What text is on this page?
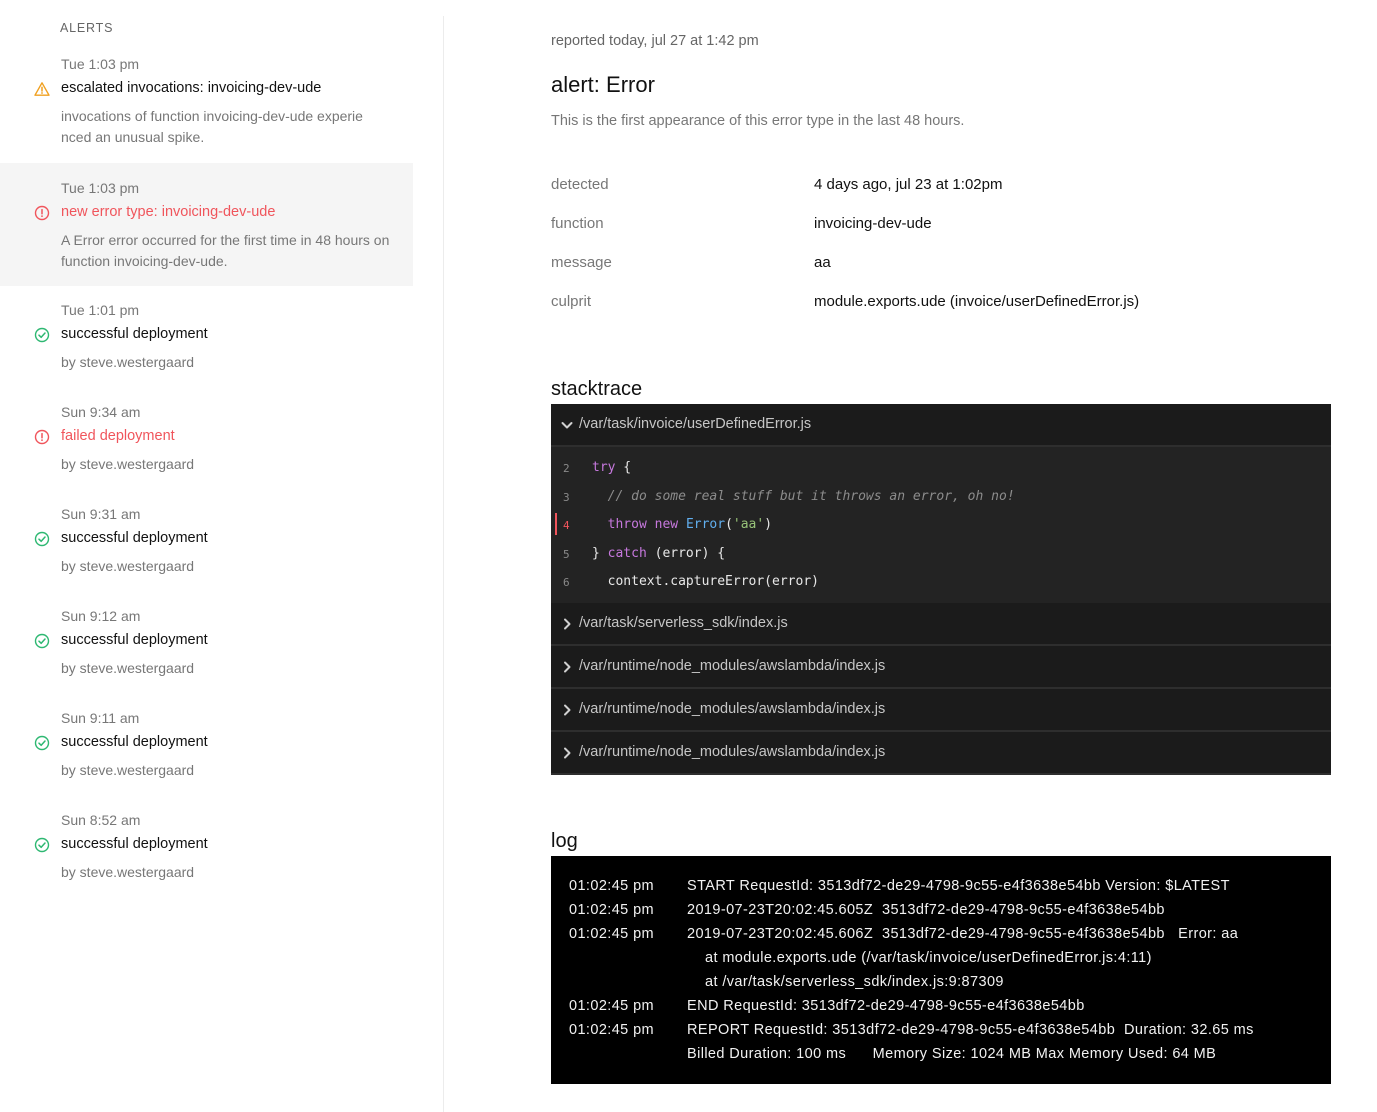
ALERTS
Tue 1:03 pm
escalated invocations: invoicing-dev-ude
invocations of function invoicing-dev-ude experie nced an unusual spike.
Tue 1:03 pm
new error type: invoicing-dev-ude
A Error error occurred for the first time in 48 hours on function invoicing-dev-ude.
Tue 1:01 pm
successful deployment
by steve.westergaard
Sun 9:34 am
failed deployment
by steve.westergaard
Sun 9:31 am
successful deployment
by steve.westergaard
Sun 9:12 am
successful deployment
by steve.westergaard
Sun 9:11 am
successful deployment
by steve.westergaard
Sun 8:52 am
successful deployment
by steve.westergaard
reported today, jul 27 at 1:42 pm
alert: Error
This is the first appearance of this error type in the last 48 hours.
detected	4 days ago, jul 23 at 1:02pm
function	invoicing-dev-ude
message	aa
culprit	module.exports.ude (invoice/userDefinedError.js)
stacktrace
/var/task/invoice/userDefinedError.js
2 try {
3	// do some real stuff but it throws an error, oh no!
4	throw new Error('aa')
5 } catch (error) {
6 context.captureError(error)
/var/task/serverless_sdk/index.js
/var/runtime/node_modules/awslambda/index.js
/var/runtime/node_modules/awslambda/index.js
/var/runtime/node_modules/awslambda/index.js
log
01:02:45 pm START RequestId: 3513df72-de29-4798-9c55-e4f3638e54bb Version: $LATEST
01:02:45 pm 2019-07-23T20:02:45.605Z  3513df72-de29-4798-9c55-e4f3638e54bb
01:02:45 pm 2019-07-23T20:02:45.606Z  3513df72-de29-4798-9c55-e4f3638e54bb   Error: aa
at module.exports.ude (/var/task/invoice/userDefinedError.js:4:11)
at /var/task/serverless_sdk/index.js:9:87309
01:02:45 pm END RequestId: 3513df72-de29-4798-9c55-e4f3638e54bb
01:02:45 pm REPORT RequestId: 3513df72-de29-4798-9c55-e4f3638e54bb  Duration: 32.65 ms
Billed Duration: 100 ms      Memory Size: 1024 MB Max Memory Used: 64 MB
